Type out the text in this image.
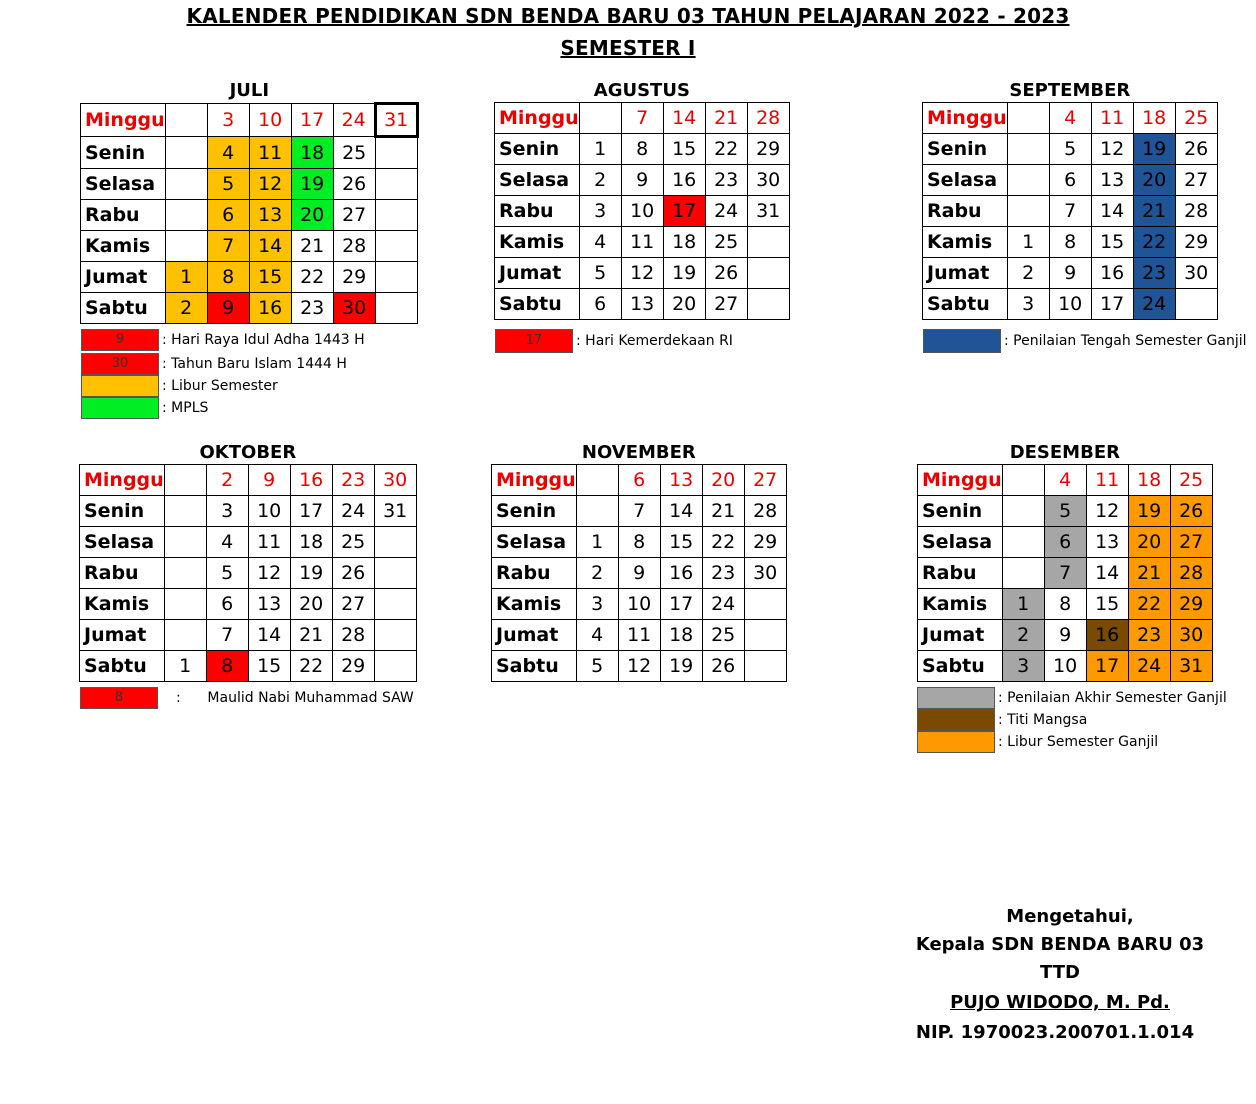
KALENDER PENDIDIKAN SDN BENDA BARU 03 TAHUN PELAJARAN 2022 - 2023
SEMESTER I
JULI
Minggu		3	10	17	24	31
Senin		4	11	18	25	
Selasa		5	12	19	26	
Rabu		6	13	20	27	
Kamis		7	14	21	28	
Jumat	1	8	15	22	29	
Sabtu	2	9	16	23	30	
AGUSTUS
Minggu		7	14	21	28
Senin	1	8	15	22	29
Selasa	2	9	16	23	30
Rabu	3	10	17	24	31
Kamis	4	11	18	25	
Jumat	5	12	19	26	
Sabtu	6	13	20	27	
SEPTEMBER
Minggu		4	11	18	25
Senin		5	12	19	26
Selasa		6	13	20	27
Rabu		7	14	21	28
Kamis	1	8	15	22	29
Jumat	2	9	16	23	30
Sabtu	3	10	17	24	
OKTOBER
Minggu		2	9	16	23	30
Senin		3	10	17	24	31
Selasa		4	11	18	25	
Rabu		5	12	19	26	
Kamis		6	13	20	27	
Jumat		7	14	21	28	
Sabtu	1	8	15	22	29	
NOVEMBER
Minggu		6	13	20	27
Senin		7	14	21	28
Selasa	1	8	15	22	29
Rabu	2	9	16	23	30
Kamis	3	10	17	24	
Jumat	4	11	18	25	
Sabtu	5	12	19	26	
DESEMBER
Minggu		4	11	18	25
Senin		5	12	19	26
Selasa		6	13	20	27
Rabu		7	14	21	28
Kamis	1	8	15	22	29
Jumat	2	9	16	23	30
Sabtu	3	10	17	24	31
9	: Hari Raya Idul Adha 1443 H
30	: Tahun Baru Islam 1444 H
: Libur Semester
: MPLS
17	: Hari Kemerdekaan RI	: Penilaian Tengah Semester Ganjil
8	:      Maulid Nabi Muhammad SAW	: Penilaian Akhir Semester Ganjil
: Titi Mangsa
: Libur Semester Ganjil
Mengetahui,
Kepala SDN BENDA BARU 03
TTD
PUJO WIDODO, M. Pd.
NIP. 1970023.200701.1.014
